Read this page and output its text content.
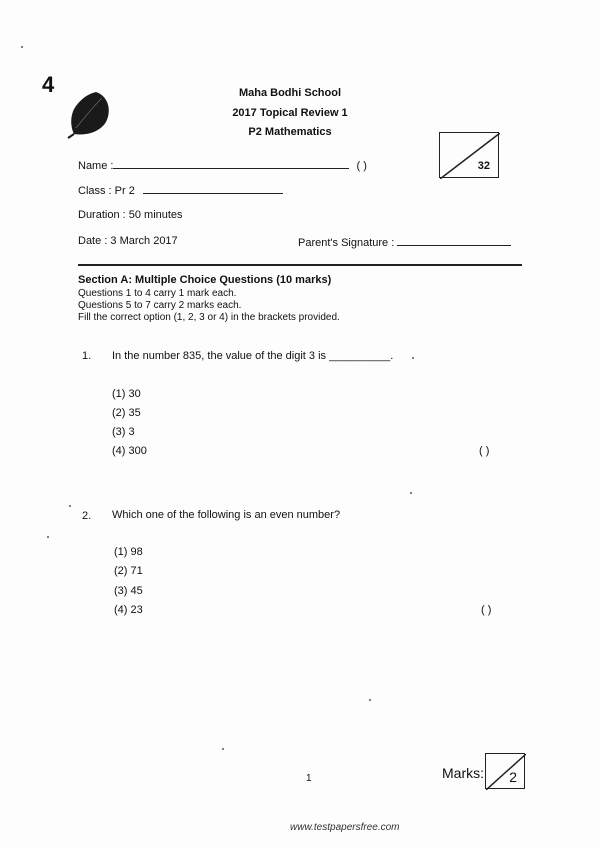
4	Maha Bodhi School
2017 Topical Review 1
P2 Mathematics
32
Name :	( )
Class : Pr 2
Duration : 50 minutes
Date : 3 March 2017	Parent's Signature :
Section A: Multiple Choice Questions (10 marks)
Questions 1 to 4 carry 1 mark each.
Questions 5 to 7 carry 2 marks each.
Fill the correct option (1, 2, 3 or 4) in the brackets provided.
1. In the number 835, the value of the digit 3 is __________.
(1) 30
(2) 35
(3) 3
(4) 300	( )
2. Which one of the following is an even number?
(1) 98
(2) 71
(3) 45
(4) 23	( )
1	Marks: 2
www.testpapersfree.com
